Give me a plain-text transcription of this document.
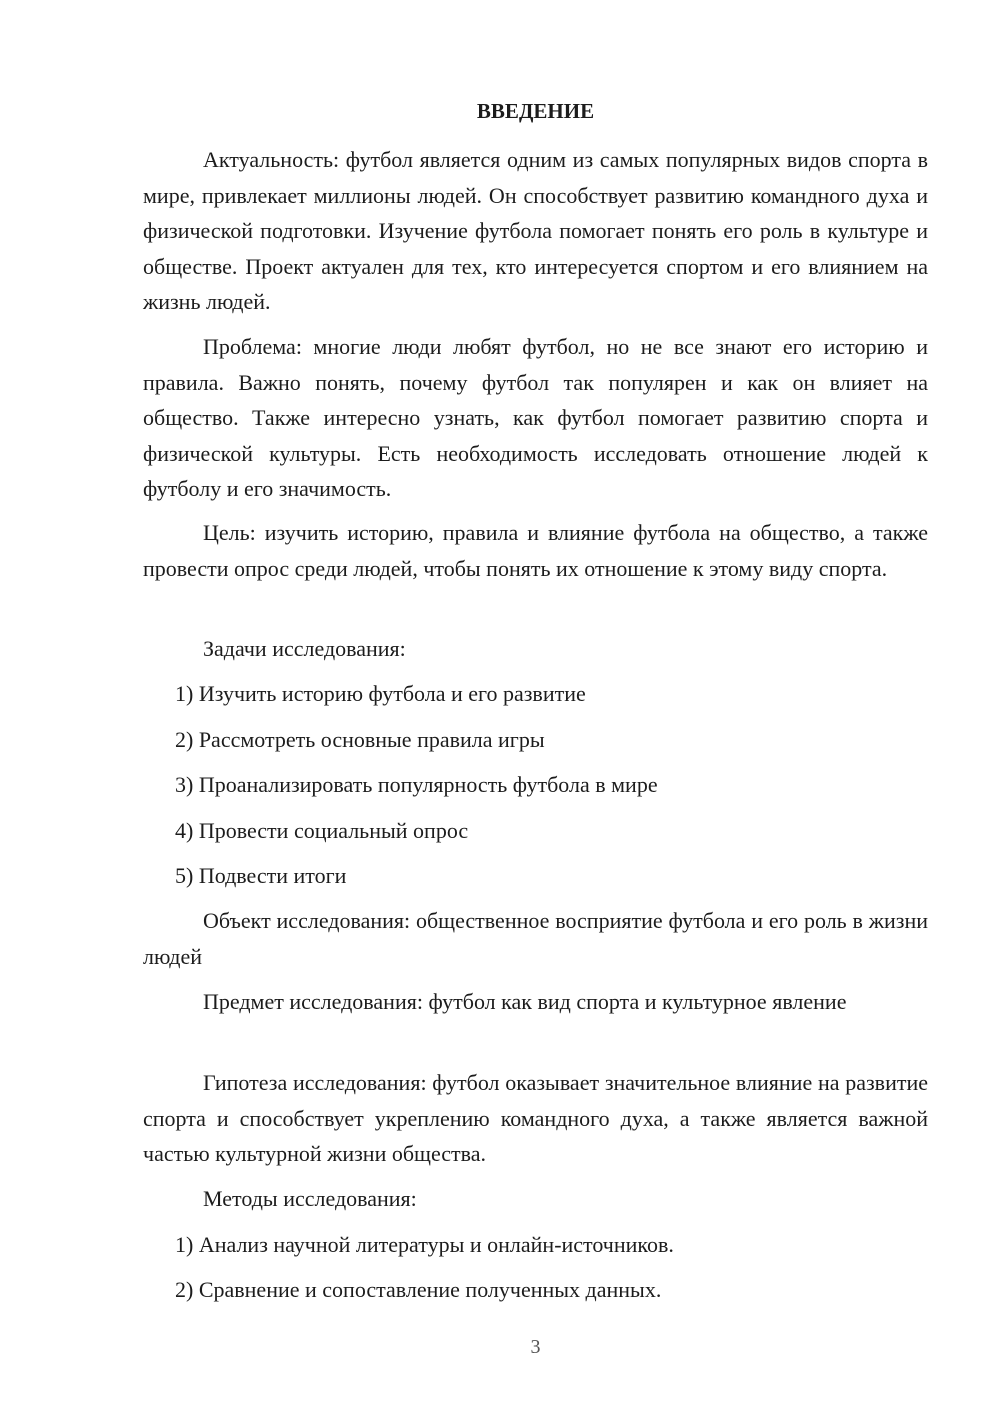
ВВЕДЕНИЕ

Актуальность: футбол является одним из самых популярных видов спорта в мире, привлекает миллионы людей. Он способствует развитию командного духа и физической подготовки. Изучение футбола помогает понять его роль в культуре и обществе. Проект актуален для тех, кто интересуется спортом и его влиянием на жизнь людей.

Проблема: многие люди любят футбол, но не все знают его историю и правила. Важно понять, почему футбол так популярен и как он влияет на общество. Также интересно узнать, как футбол помогает развитию спорта и физической культуры. Есть необходимость исследовать отношение людей к футболу и его значимость.

Цель: изучить историю, правила и влияние футбола на общество, а также провести опрос среди людей, чтобы понять их отношение к этому виду спорта.

Задачи исследования:

1) Изучить историю футбола и его развитие

2) Рассмотреть основные правила игры

3) Проанализировать популярность футбола в мире

4) Провести социальный опрос

5) Подвести итоги

Объект исследования: общественное восприятие футбола и его роль в жизни людей

Предмет исследования: футбол как вид спорта и культурное явление

Гипотеза исследования: футбол оказывает значительное влияние на развитие спорта и способствует укреплению командного духа, а также является важной частью культурной жизни общества.

Методы исследования:

1) Анализ научной литературы и онлайн-источников.

2) Сравнение и сопоставление полученных данных.

3
